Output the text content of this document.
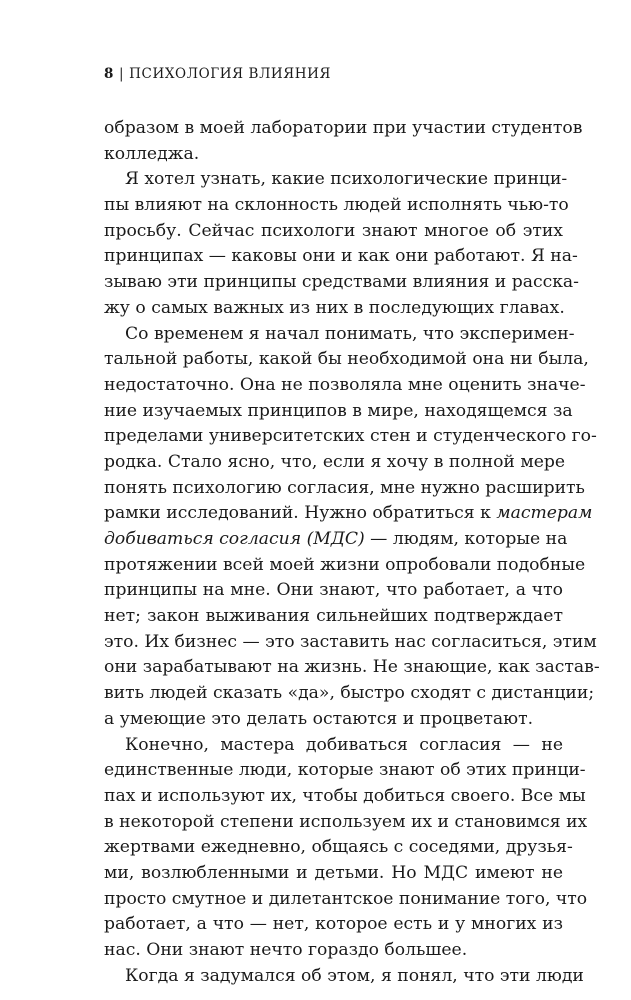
8 | ПСИХОЛОГИЯ ВЛИЯНИЯ
образом в моей лаборатории при участии студентов
колледжа.
Я хотел узнать, какие психологические принци-
пы влияют на склонность людей исполнять чью-то
просьбу. Сейчас психологи знают многое об этих
принципах — каковы они и как они работают. Я на-
зываю эти принципы средствами влияния и расска-
жу о самых важных из них в последующих главах.
Со временем я начал понимать, что эксперимен-
тальной работы, какой бы необходимой она ни была,
недостаточно. Она не позволяла мне оценить значе-
ние изучаемых принципов в мире, находящемся за
пределами университетских стен и студенческого го-
родка. Стало ясно, что, если я хочу в полной мере
понять психологию согласия, мне нужно расширить
рамки исследований. Нужно обратиться к мастерам
добиваться согласия (МДС) — людям, которые на
протяжении всей моей жизни опробовали подобные
принципы на мне. Они знают, что работает, а что
нет; закон выживания сильнейших подтверждает
это. Их бизнес — это заставить нас согласиться, этим
они зарабатывают на жизнь. Не знающие, как застав-
вить людей сказать «да», быстро сходят с дистанции;
а умеющие это делать остаются и процветают.
Конечно, мастера добиваться согласия — не
единственные люди, которые знают об этих принци-
пах и используют их, чтобы добиться своего. Все мы
в некоторой степени используем их и становимся их
жертвами ежедневно, общаясь с соседями, друзья-
ми, возлюбленными и детьми. Но МДС имеют не
просто смутное и дилетантское понимание того, что
работает, а что — нет, которое есть и у многих из
нас. Они знают нечто гораздо большее.
Когда я задумался об этом, я понял, что эти люди
